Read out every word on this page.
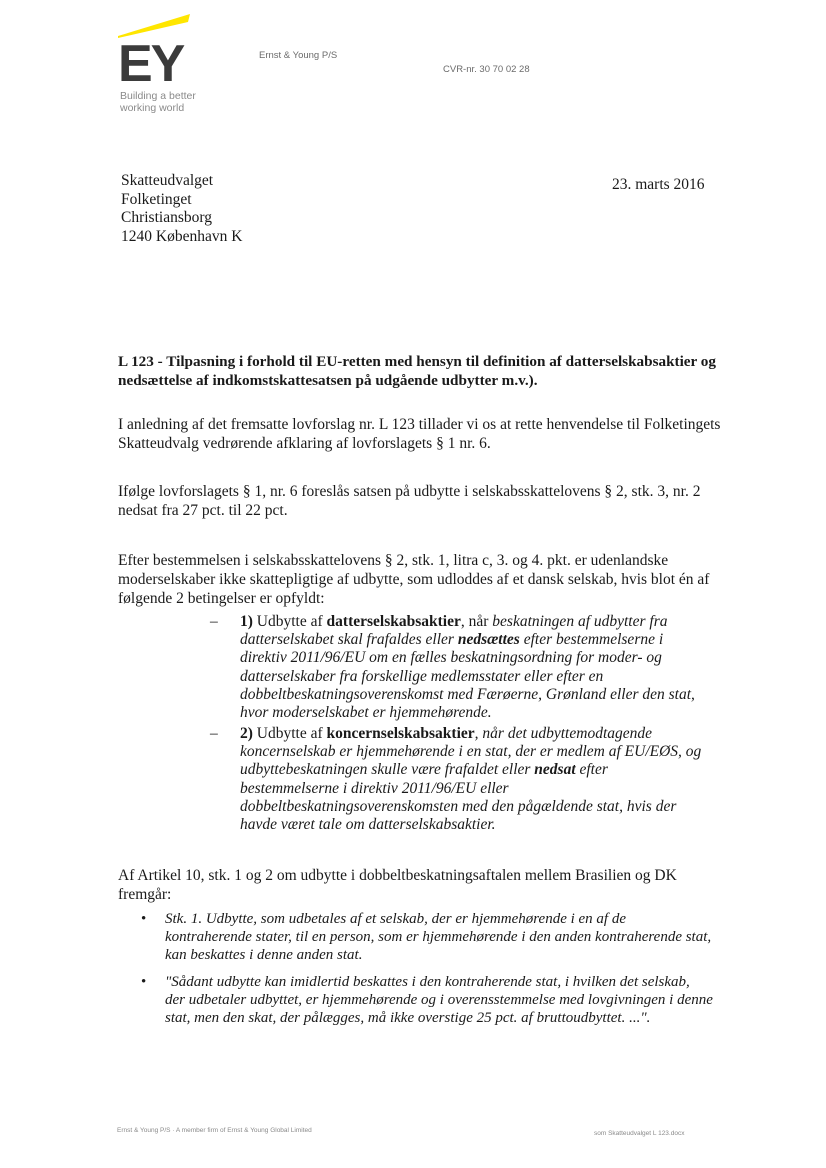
EY
Building a better
working world
Ernst & Young P/S
CVR-nr. 30 70 02 28
Skatteudvalget
Folketinget
Christiansborg
1240 København K
23. marts 2016
L 123 - Tilpasning i forhold til EU-retten med hensyn til definition af datterselskabsaktier og nedsættelse af indkomstskattesatsen på udgående udbytter m.v.).
I anledning af det fremsatte lovforslag nr. L 123 tillader vi os at rette henvendelse til Folketingets Skatteudvalg vedrørende afklaring af lovforslagets § 1 nr. 6.
Ifølge lovforslagets § 1, nr. 6 foreslås satsen på udbytte i selskabsskattelovens § 2, stk. 3, nr. 2 nedsat fra 27 pct. til 22 pct.
Efter bestemmelsen i selskabsskattelovens § 2, stk. 1, litra c, 3. og 4. pkt. er udenlandske moderselskaber ikke skattepligtige af udbytte, som udloddes af et dansk selskab, hvis blot én af følgende 2 betingelser er opfyldt:
– 1) Udbytte af datterselskabsaktier, når beskatningen af udbytter fra datterselskabet skal frafaldes eller nedsættes efter bestemmelserne i direktiv 2011/96/EU om en fælles beskatningsordning for moder- og datterselskaber fra forskellige medlemsstater eller efter en dobbeltbeskatningsoverenskomst med Færøerne, Grønland eller den stat, hvor moderselskabet er hjemmehørende.
– 2) Udbytte af koncernselskabsaktier, når det udbyttemodtagende koncernselskab er hjemmehørende i en stat, der er medlem af EU/EØS, og udbyttebeskatningen skulle være frafaldet eller nedsat efter bestemmelserne i direktiv 2011/96/EU eller dobbeltbeskatningsoverenskomsten med den pågældende stat, hvis der havde været tale om datterselskabsaktier.
Af Artikel 10, stk. 1 og 2 om udbytte i dobbeltbeskatningsaftalen mellem Brasilien og DK fremgår:
• Stk. 1. Udbytte, som udbetales af et selskab, der er hjemmehørende i en af de kontraherende stater, til en person, som er hjemmehørende i den anden kontraherende stat, kan beskattes i denne anden stat.
• "Sådant udbytte kan imidlertid beskattes i den kontraherende stat, i hvilken det selskab, der udbetaler udbyttet, er hjemmehørende og i overensstemmelse med lovgivningen i denne stat, men den skat, der pålægges, må ikke overstige 25 pct. af bruttoudbyttet. ...".
Ernst & Young P/S · A member firm of Ernst & Young Global Limited	som Skatteudvalget L 123.docx
